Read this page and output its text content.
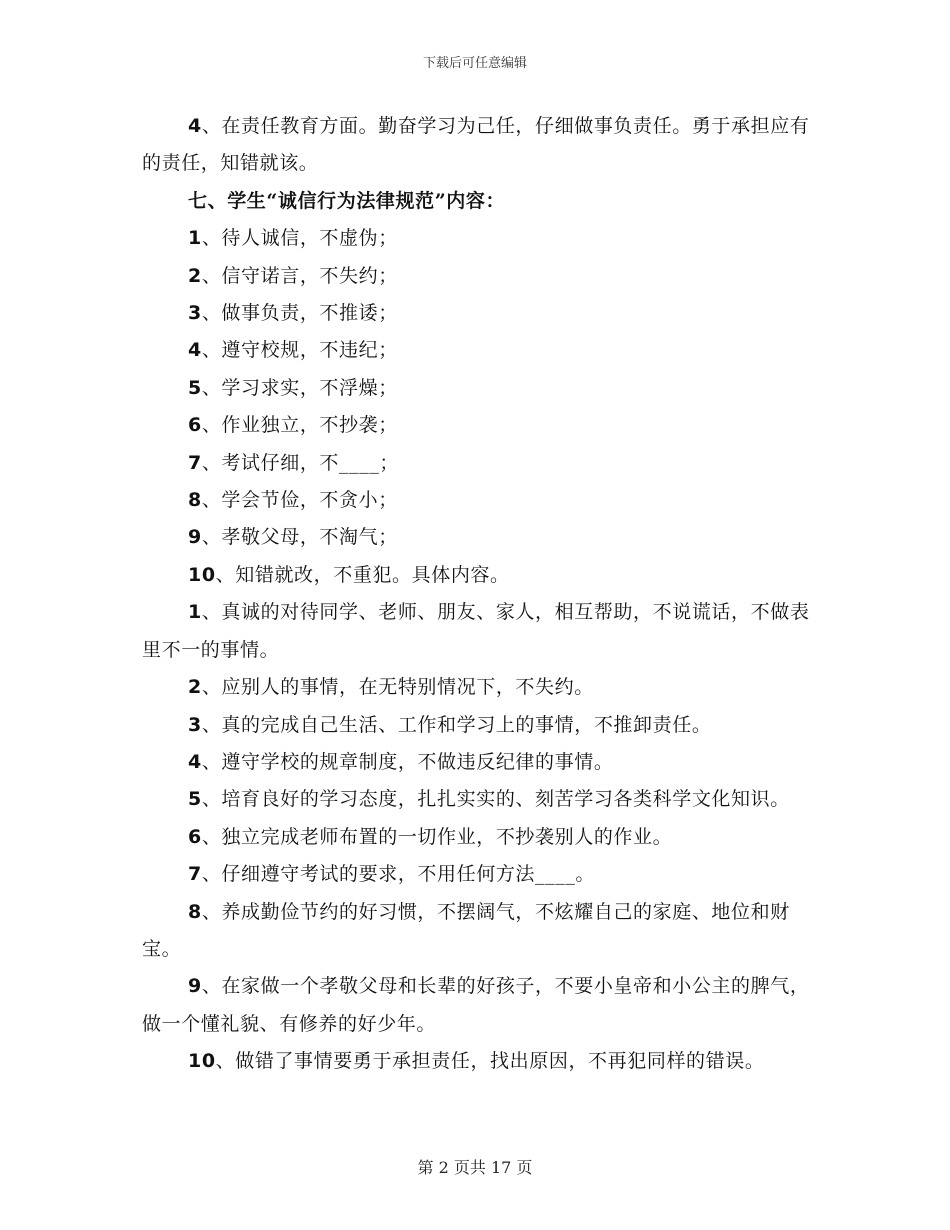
下载后可任意编辑

4、在责任教育方面。勤奋学习为己任，仔细做事负责任。勇于承担应有的责任，知错就该。

七、学生“诚信行为法律规范”内容：

1、待人诚信，不虚伪；

2、信守诺言，不失约；

3、做事负责，不推诿；

4、遵守校规，不违纪；

5、学习求实，不浮燥；

6、作业独立，不抄袭；

7、考试仔细，不____；

8、学会节俭，不贪小；

9、孝敬父母，不淘气；

10、知错就改，不重犯。具体内容。

1、真诚的对待同学、老师、朋友、家人，相互帮助，不说谎话，不做表里不一的事情。

2、应别人的事情，在无特别情况下，不失约。

3、真的完成自己生活、工作和学习上的事情，不推卸责任。

4、遵守学校的规章制度，不做违反纪律的事情。

5、培育良好的学习态度，扎扎实实的、刻苦学习各类科学文化知识。

6、独立完成老师布置的一切作业，不抄袭别人的作业。

7、仔细遵守考试的要求，不用任何方法____。

8、养成勤俭节约的好习惯，不摆阔气，不炫耀自己的家庭、地位和财宝。

9、在家做一个孝敬父母和长辈的好孩子，不要小皇帝和小公主的脾气，做一个懂礼貌、有修养的好少年。

10、做错了事情要勇于承担责任，找出原因，不再犯同样的错误。

第 2 页共 17 页
